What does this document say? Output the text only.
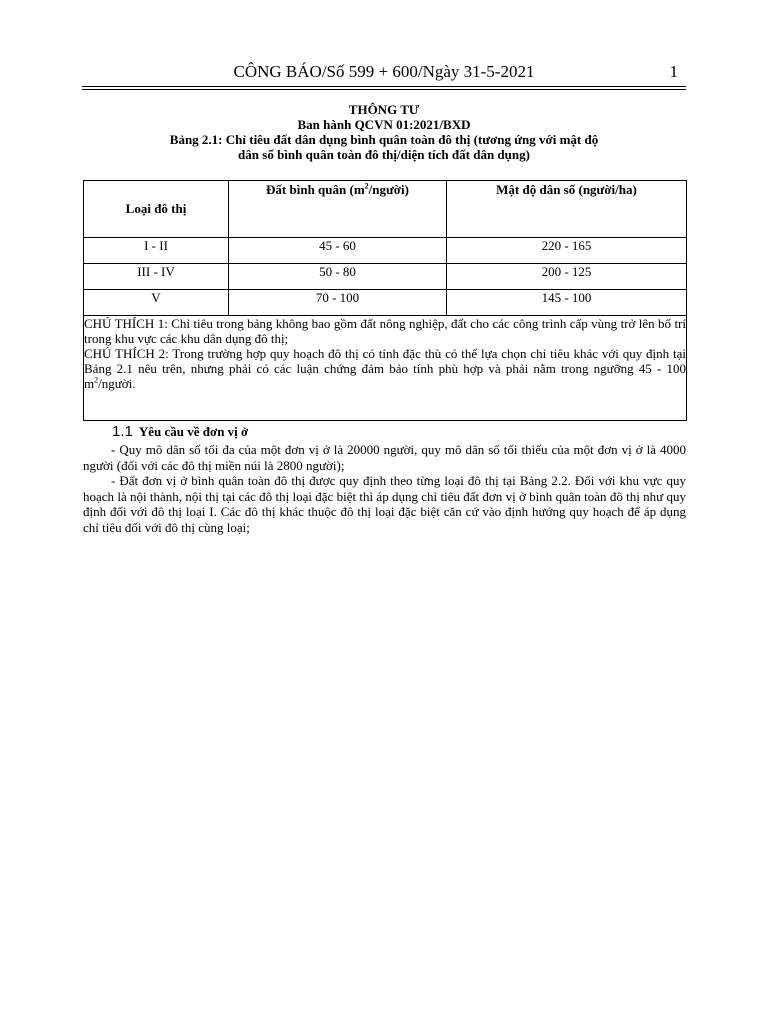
CÔNG BÁO/Số 599 + 600/Ngày 31-5-2021	1
THÔNG TƯ
Ban hành QCVN 01:2021/BXD
Bảng 2.1: Chỉ tiêu đất dân dụng bình quân toàn đô thị (tương ứng với mật độ
dân số bình quân toàn đô thị/diện tích đất dân dụng)
Loại đô thị	Đất bình quân $(m^2/người)$	Mật độ dân số (người/ha)
I - II	45 - 60	220 - 165
III - IV	50 - 80	200 - 125
V	70 - 100	145 - 100

CHÚ THÍCH 1: Chỉ tiêu trong bảng không bao gồm đất nông nghiệp, đất cho các công trình cấp vùng trở lên bố trí trong khu vực các khu dân dụng đô thị;

CHÚ THÍCH 2: Trong trường hợp quy hoạch đô thị có tính đặc thù có thể lựa chọn chỉ tiêu khác với quy định tại Bảng 2.1 nêu trên, nhưng phải có các luận chứng đảm bảo tính phù hợp và phải nằm trong ngưỡng 45 - 100 $m^2$/người.		

1.1 Yêu cầu về đơn vị ở

- Quy mô dân số tối đa của một đơn vị ở là 20000 người, quy mô dân số tối thiểu của một đơn vị ở là 4000 người (đối với các đô thị miền núi là 2800 người);

- Đất đơn vị ở bình quân toàn đô thị được quy định theo từng loại đô thị tại Bảng 2.2. Đối với khu vực quy hoạch là nội thành, nội thị tại các đô thị loại đặc biệt thì áp dụng chỉ tiêu đất đơn vị ở bình quân toàn đô thị như quy định đối với đô thị loại I. Các đô thị khác thuộc đô thị loại đặc biệt căn cứ vào định hướng quy hoạch để áp dụng chỉ tiêu đối với đô thị cùng loại;
